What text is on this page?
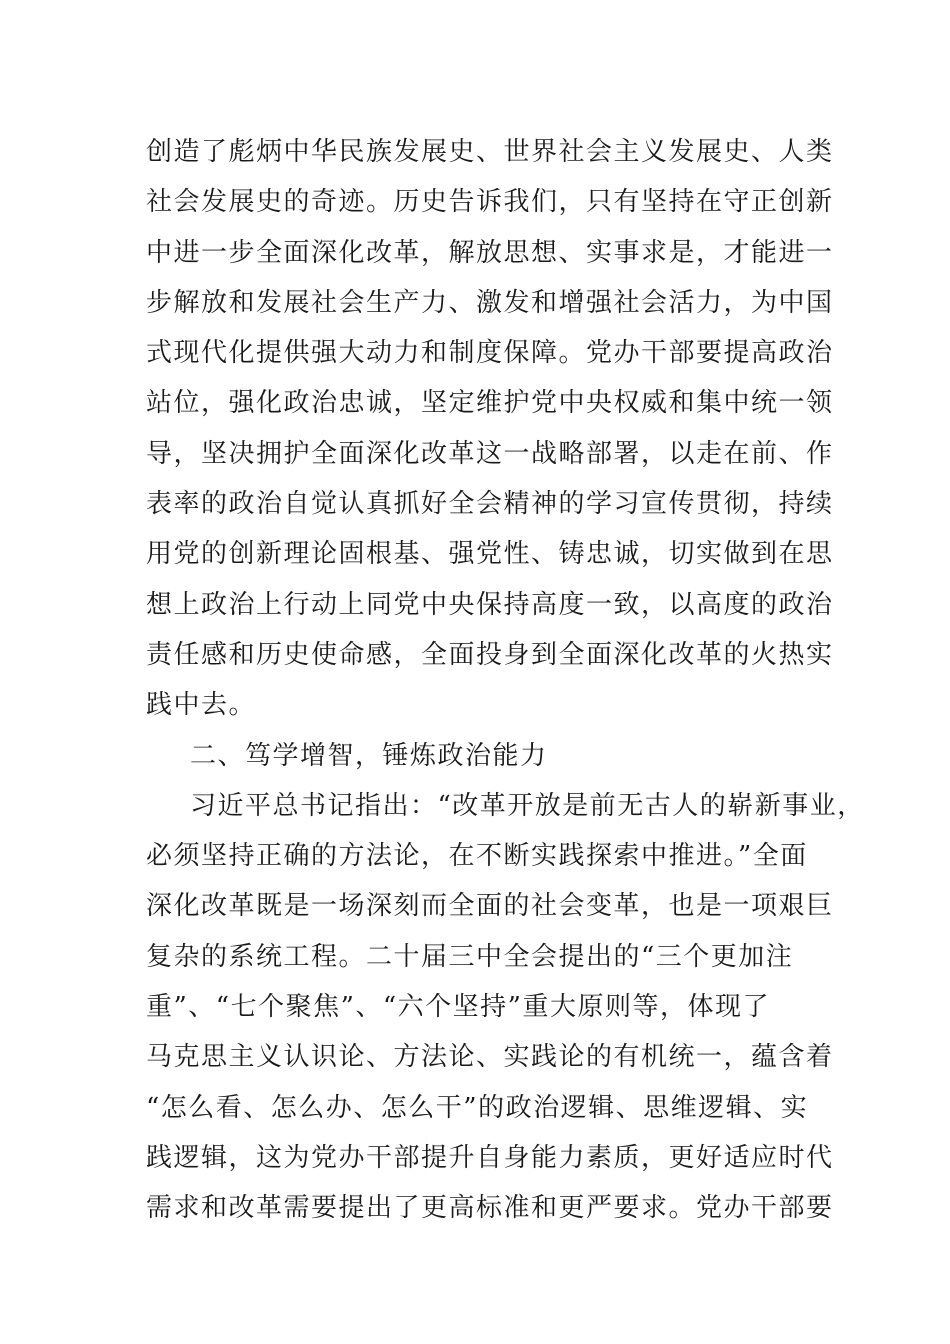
创造了彪炳中华民族发展史、世界社会主义发展史、人类
社会发展史的奇迹。历史告诉我们，只有坚持在守正创新
中进一步全面深化改革，解放思想、实事求是，才能进一
步解放和发展社会生产力、激发和增强社会活力，为中国
式现代化提供强大动力和制度保障。党办干部要提高政治
站位，强化政治忠诚，坚定维护党中央权威和集中统一领
导，坚决拥护全面深化改革这一战略部署，以走在前、作
表率的政治自觉认真抓好全会精神的学习宣传贯彻，持续
用党的创新理论固根基、强党性、铸忠诚，切实做到在思
想上政治上行动上同党中央保持高度一致，以高度的政治
责任感和历史使命感，全面投身到全面深化改革的火热实
践中去。
二、笃学增智，锤炼政治能力
习近平总书记指出：“改革开放是前无古人的崭新事业，
必须坚持正确的方法论，在不断实践探索中推进。”全面
深化改革既是一场深刻而全面的社会变革，也是一项艰巨
复杂的系统工程。二十届三中全会提出的“三个更加注
重”、“七个聚焦”、“六个坚持”重大原则等，体现了
马克思主义认识论、方法论、实践论的有机统一，蕴含着
“怎么看、怎么办、怎么干”的政治逻辑、思维逻辑、实
践逻辑，这为党办干部提升自身能力素质，更好适应时代
需求和改革需要提出了更高标准和更严要求。党办干部要
